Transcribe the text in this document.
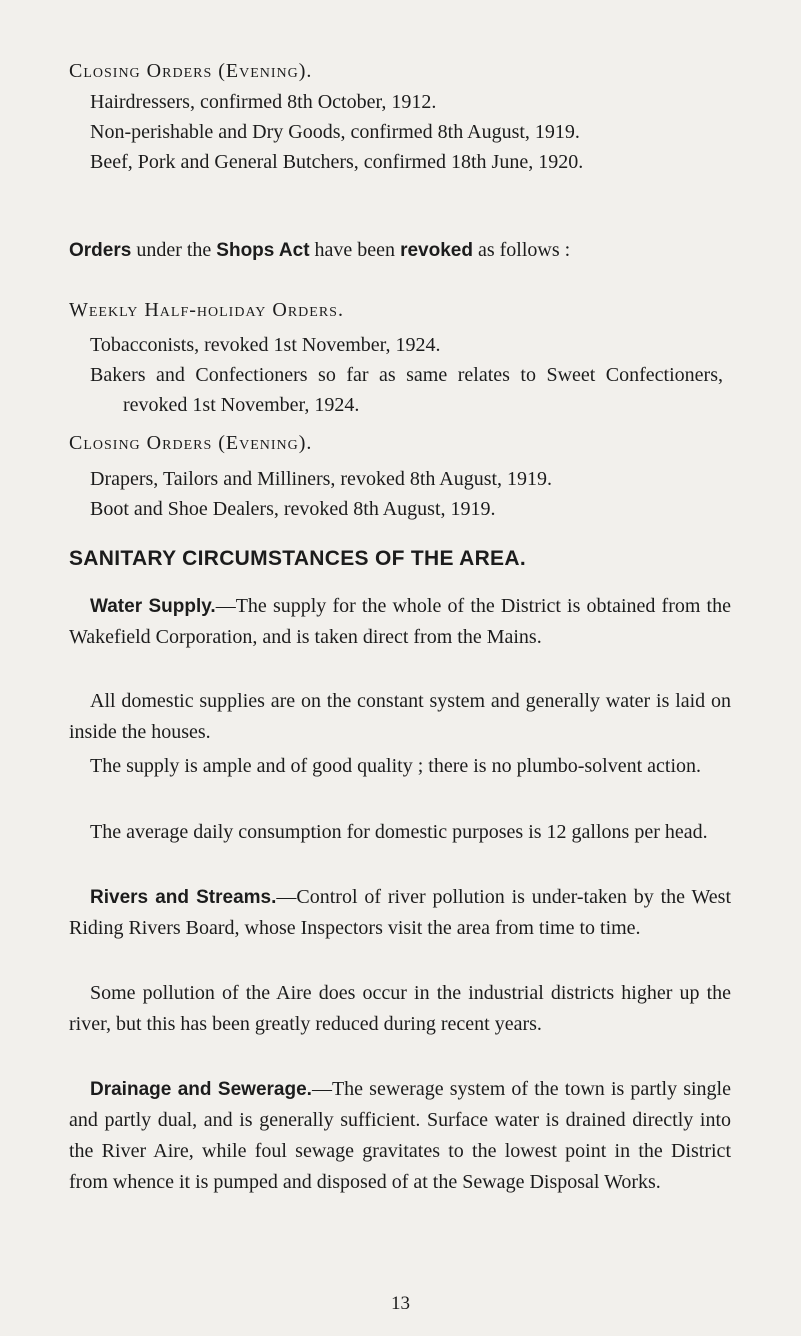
Closing Orders (Evening).
Hairdressers, confirmed 8th October, 1912.
Non-perishable and Dry Goods, confirmed 8th August, 1919.
Beef, Pork and General Butchers, confirmed 18th June, 1920.
Orders under the Shops Act have been revoked as follows :
Weekly Half-holiday Orders.
Tobacconists, revoked 1st November, 1924.
Bakers and Confectioners so far as same relates to Sweet Confectioners, revoked 1st November, 1924.
Closing Orders (Evening).
Drapers, Tailors and Milliners, revoked 8th August, 1919.
Boot and Shoe Dealers, revoked 8th August, 1919.
SANITARY CIRCUMSTANCES OF THE AREA.
Water Supply.—The supply for the whole of the District is obtained from the Wakefield Corporation, and is taken direct from the Mains.
All domestic supplies are on the constant system and generally water is laid on inside the houses.
The supply is ample and of good quality ; there is no plumbo-solvent action.
The average daily consumption for domestic purposes is 12 gallons per head.
Rivers and Streams.—Control of river pollution is under-taken by the West Riding Rivers Board, whose Inspectors visit the area from time to time.
Some pollution of the Aire does occur in the industrial districts higher up the river, but this has been greatly reduced during recent years.
Drainage and Sewerage.—The sewerage system of the town is partly single and partly dual, and is generally sufficient. Surface water is drained directly into the River Aire, while foul sewage gravitates to the lowest point in the District from whence it is pumped and disposed of at the Sewage Disposal Works.
13
